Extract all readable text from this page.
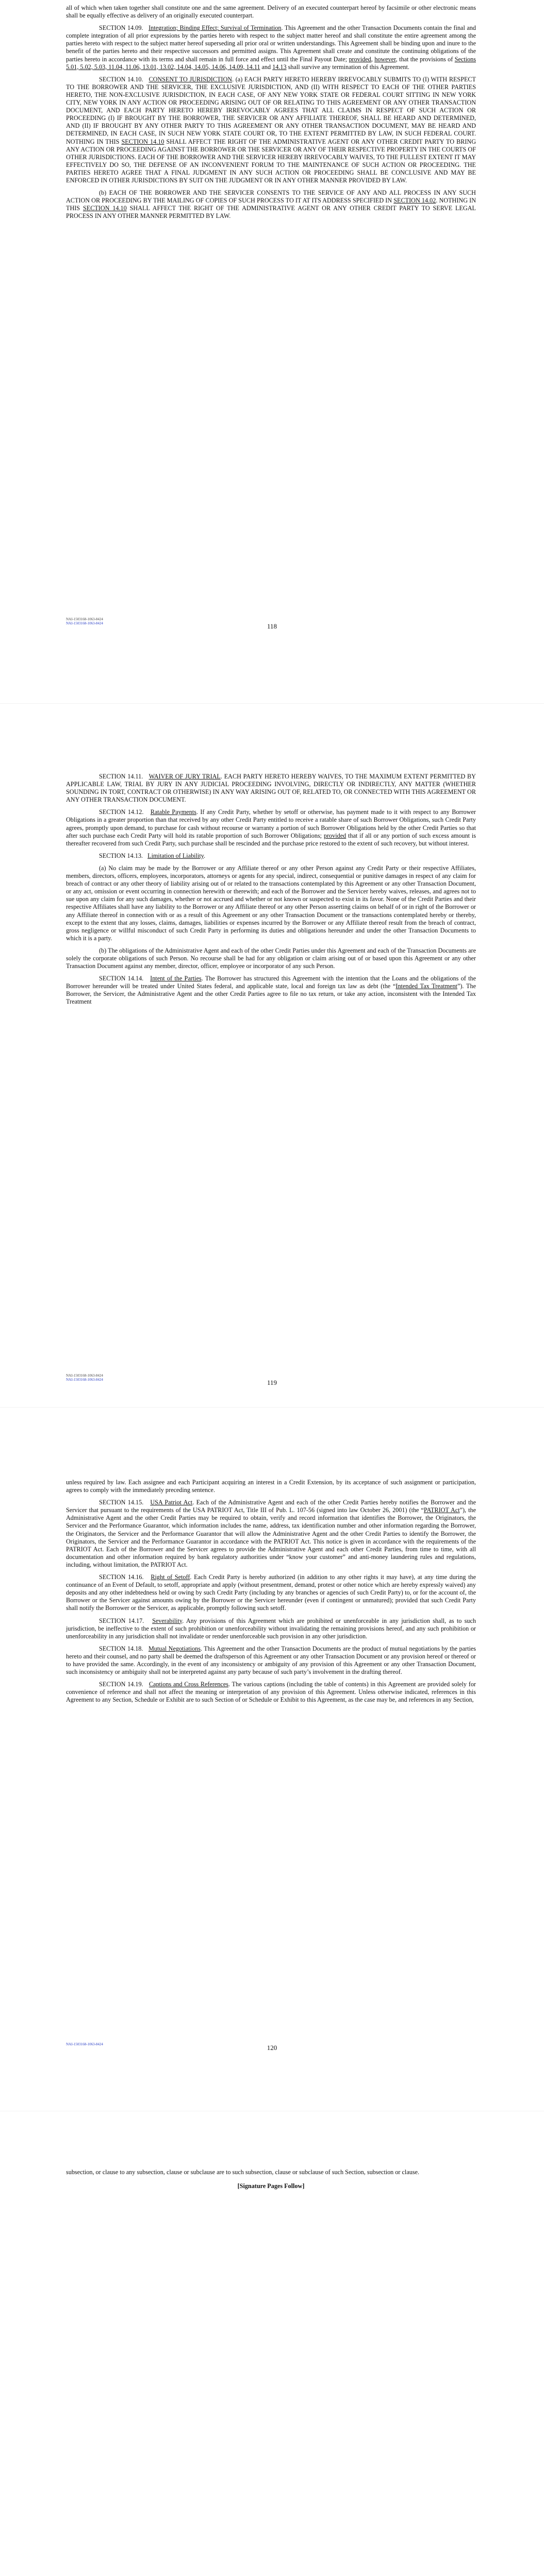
all of which when taken together shall constitute one and the same agreement. Delivery of an executed counterpart hereof by facsimile or other electronic means shall be equally effective as delivery of an originally executed counterpart.

SECTION 14.09. Integration; Binding Effect; Survival of Termination. This Agreement and the other Transaction Documents contain the final and complete integration of all prior expressions by the parties hereto with respect to the subject matter hereof and shall constitute the entire agreement among the parties hereto with respect to the subject matter hereof superseding all prior oral or written understandings. This Agreement shall be binding upon and inure to the benefit of the parties hereto and their respective successors and permitted assigns. This Agreement shall create and constitute the continuing obligations of the parties hereto in accordance with its terms and shall remain in full force and effect until the Final Payout Date; provided, however, that the provisions of Sections 5.01, 5.02, 5.03, 11.04, 11.06, 13.01, 13.02, 14.04, 14.05, 14.06, 14.09, 14.11 and 14.13 shall survive any termination of this Agreement.

SECTION 14.10. CONSENT TO JURISDICTION. (a) EACH PARTY HERETO HEREBY IRREVOCABLY SUBMITS TO (I) WITH RESPECT TO THE BORROWER AND THE SERVICER, THE EXCLUSIVE JURISDICTION, AND (II) WITH RESPECT TO EACH OF THE OTHER PARTIES HERETO, THE NON-EXCLUSIVE JURISDICTION, IN EACH CASE, OF ANY NEW YORK STATE OR FEDERAL COURT SITTING IN NEW YORK CITY, NEW YORK IN ANY ACTION OR PROCEEDING ARISING OUT OF OR RELATING TO THIS AGREEMENT OR ANY OTHER TRANSACTION DOCUMENT, AND EACH PARTY HERETO HEREBY IRREVOCABLY AGREES THAT ALL CLAIMS IN RESPECT OF SUCH ACTION OR PROCEEDING (I) IF BROUGHT BY THE BORROWER, THE SERVICER OR ANY AFFILIATE THEREOF, SHALL BE HEARD AND DETERMINED, AND (II) IF BROUGHT BY ANY OTHER PARTY TO THIS AGREEMENT OR ANY OTHER TRANSACTION DOCUMENT, MAY BE HEARD AND DETERMINED, IN EACH CASE, IN SUCH NEW YORK STATE COURT OR, TO THE EXTENT PERMITTED BY LAW, IN SUCH FEDERAL COURT. NOTHING IN THIS SECTION 14.10 SHALL AFFECT THE RIGHT OF THE ADMINISTRATIVE AGENT OR ANY OTHER CREDIT PARTY TO BRING ANY ACTION OR PROCEEDING AGAINST THE BORROWER OR THE SERVICER OR ANY OF THEIR RESPECTIVE PROPERTY IN THE COURTS OF OTHER JURISDICTIONS. EACH OF THE BORROWER AND THE SERVICER HEREBY IRREVOCABLY WAIVES, TO THE FULLEST EXTENT IT MAY EFFECTIVELY DO SO, THE DEFENSE OF AN INCONVENIENT FORUM TO THE MAINTENANCE OF SUCH ACTION OR PROCEEDING. THE PARTIES HERETO AGREE THAT A FINAL JUDGMENT IN ANY SUCH ACTION OR PROCEEDING SHALL BE CONCLUSIVE AND MAY BE ENFORCED IN OTHER JURISDICTIONS BY SUIT ON THE JUDGMENT OR IN ANY OTHER MANNER PROVIDED BY LAW.

(b) EACH OF THE BORROWER AND THE SERVICER CONSENTS TO THE SERVICE OF ANY AND ALL PROCESS IN ANY SUCH ACTION OR PROCEEDING BY THE MAILING OF COPIES OF SUCH PROCESS TO IT AT ITS ADDRESS SPECIFIED IN SECTION 14.02. NOTHING IN THIS SECTION 14.10 SHALL AFFECT THE RIGHT OF THE ADMINISTRATIVE AGENT OR ANY OTHER CREDIT PARTY TO SERVE LEGAL PROCESS IN ANY OTHER MANNER PERMITTED BY LAW.

118
NAI-1503168-1063-8424
NAI-1503168-1063-8424

SECTION 14.11. WAIVER OF JURY TRIAL. EACH PARTY HERETO HEREBY WAIVES, TO THE MAXIMUM EXTENT PERMITTED BY APPLICABLE LAW, TRIAL BY JURY IN ANY JUDICIAL PROCEEDING INVOLVING, DIRECTLY OR INDIRECTLY, ANY MATTER (WHETHER SOUNDING IN TORT, CONTRACT OR OTHERWISE) IN ANY WAY ARISING OUT OF, RELATED TO, OR CONNECTED WITH THIS AGREEMENT OR ANY OTHER TRANSACTION DOCUMENT.

SECTION 14.12. Ratable Payments. If any Credit Party, whether by setoff or otherwise, has payment made to it with respect to any Borrower Obligations in a greater proportion than that received by any other Credit Party entitled to receive a ratable share of such Borrower Obligations, such Credit Party agrees, promptly upon demand, to purchase for cash without recourse or warranty a portion of such Borrower Obligations held by the other Credit Parties so that after such purchase each Credit Party will hold its ratable proportion of such Borrower Obligations; provided that if all or any portion of such excess amount is thereafter recovered from such Credit Party, such purchase shall be rescinded and the purchase price restored to the extent of such recovery, but without interest.

SECTION 14.13. Limitation of Liability.

(a) No claim may be made by the Borrower or any Affiliate thereof or any other Person against any Credit Party or their respective Affiliates, members, directors, officers, employees, incorporators, attorneys or agents for any special, indirect, consequential or punitive damages in respect of any claim for breach of contract or any other theory of liability arising out of or related to the transactions contemplated by this Agreement or any other Transaction Document, or any act, omission or event occurring in connection herewith or therewith; and each of the Borrower and the Servicer hereby waives, releases, and agrees not to sue upon any claim for any such damages, whether or not accrued and whether or not known or suspected to exist in its favor. None of the Credit Parties and their respective Affiliates shall have any liability to the Borrower or any Affiliate thereof or any other Person asserting claims on behalf of or in right of the Borrower or any Affiliate thereof in connection with or as a result of this Agreement or any other Transaction Document or the transactions contemplated hereby or thereby, except to the extent that any losses, claims, damages, liabilities or expenses incurred by the Borrower or any Affiliate thereof result from the breach of contract, gross negligence or willful misconduct of such Credit Party in performing its duties and obligations hereunder and under the other Transaction Documents to which it is a party.

(b) The obligations of the Administrative Agent and each of the other Credit Parties under this Agreement and each of the Transaction Documents are solely the corporate obligations of such Person. No recourse shall be had for any obligation or claim arising out of or based upon this Agreement or any other Transaction Document against any member, director, officer, employee or incorporator of any such Person.

SECTION 14.14. Intent of the Parties. The Borrower has structured this Agreement with the intention that the Loans and the obligations of the Borrower hereunder will be treated under United States federal, and applicable state, local and foreign tax law as debt (the “Intended Tax Treatment”). The Borrower, the Servicer, the Administrative Agent and the other Credit Parties agree to file no tax return, or take any action, inconsistent with the Intended Tax Treatment

119
NAI-1503168-1063-8424
NAI-1503168-1063-8424

unless required by law. Each assignee and each Participant acquiring an interest in a Credit Extension, by its acceptance of such assignment or participation, agrees to comply with the immediately preceding sentence.

SECTION 14.15. USA Patriot Act. Each of the Administrative Agent and each of the other Credit Parties hereby notifies the Borrower and the Servicer that pursuant to the requirements of the USA PATRIOT Act, Title III of Pub. L. 107-56 (signed into law October 26, 2001) (the “PATRIOT Act”), the Administrative Agent and the other Credit Parties may be required to obtain, verify and record information that identifies the Borrower, the Originators, the Servicer and the Performance Guarantor, which information includes the name, address, tax identification number and other information regarding the Borrower, the Originators, the Servicer and the Performance Guarantor that will allow the Administrative Agent and the other Credit Parties to identify the Borrower, the Originators, the Servicer and the Performance Guarantor in accordance with the PATRIOT Act. This notice is given in accordance with the requirements of the PATRIOT Act. Each of the Borrower and the Servicer agrees to provide the Administrative Agent and each other Credit Parties, from time to time, with all documentation and other information required by bank regulatory authorities under “know your customer” and anti-money laundering rules and regulations, including, without limitation, the PATRIOT Act.

SECTION 14.16. Right of Setoff. Each Credit Party is hereby authorized (in addition to any other rights it may have), at any time during the continuance of an Event of Default, to setoff, appropriate and apply (without presentment, demand, protest or other notice which are hereby expressly waived) any deposits and any other indebtedness held or owing by such Credit Party (including by any branches or agencies of such Credit Party) to, or for the account of, the Borrower or the Servicer against amounts owing by the Borrower or the Servicer hereunder (even if contingent or unmatured); provided that such Credit Party shall notify the Borrower or the Servicer, as applicable, promptly following such setoff.

SECTION 14.17. Severability. Any provisions of this Agreement which are prohibited or unenforceable in any jurisdiction shall, as to such jurisdiction, be ineffective to the extent of such prohibition or unenforceability without invalidating the remaining provisions hereof, and any such prohibition or unenforceability in any jurisdiction shall not invalidate or render unenforceable such provision in any other jurisdiction.

SECTION 14.18. Mutual Negotiations. This Agreement and the other Transaction Documents are the product of mutual negotiations by the parties hereto and their counsel, and no party shall be deemed the draftsperson of this Agreement or any other Transaction Document or any provision hereof or thereof or to have provided the same. Accordingly, in the event of any inconsistency or ambiguity of any provision of this Agreement or any other Transaction Document, such inconsistency or ambiguity shall not be interpreted against any party because of such party’s involvement in the drafting thereof.

SECTION 14.19. Captions and Cross References. The various captions (including the table of contents) in this Agreement are provided solely for convenience of reference and shall not affect the meaning or interpretation of any provision of this Agreement. Unless otherwise indicated, references in this Agreement to any Section, Schedule or Exhibit are to such Section of or Schedule or Exhibit to this Agreement, as the case may be, and references in any Section,

120
NAI-1503168-1063-8424

subsection, or clause to any subsection, clause or subclause are to such subsection, clause or subclause of such Section, subsection or clause.

[Signature Pages Follow]
